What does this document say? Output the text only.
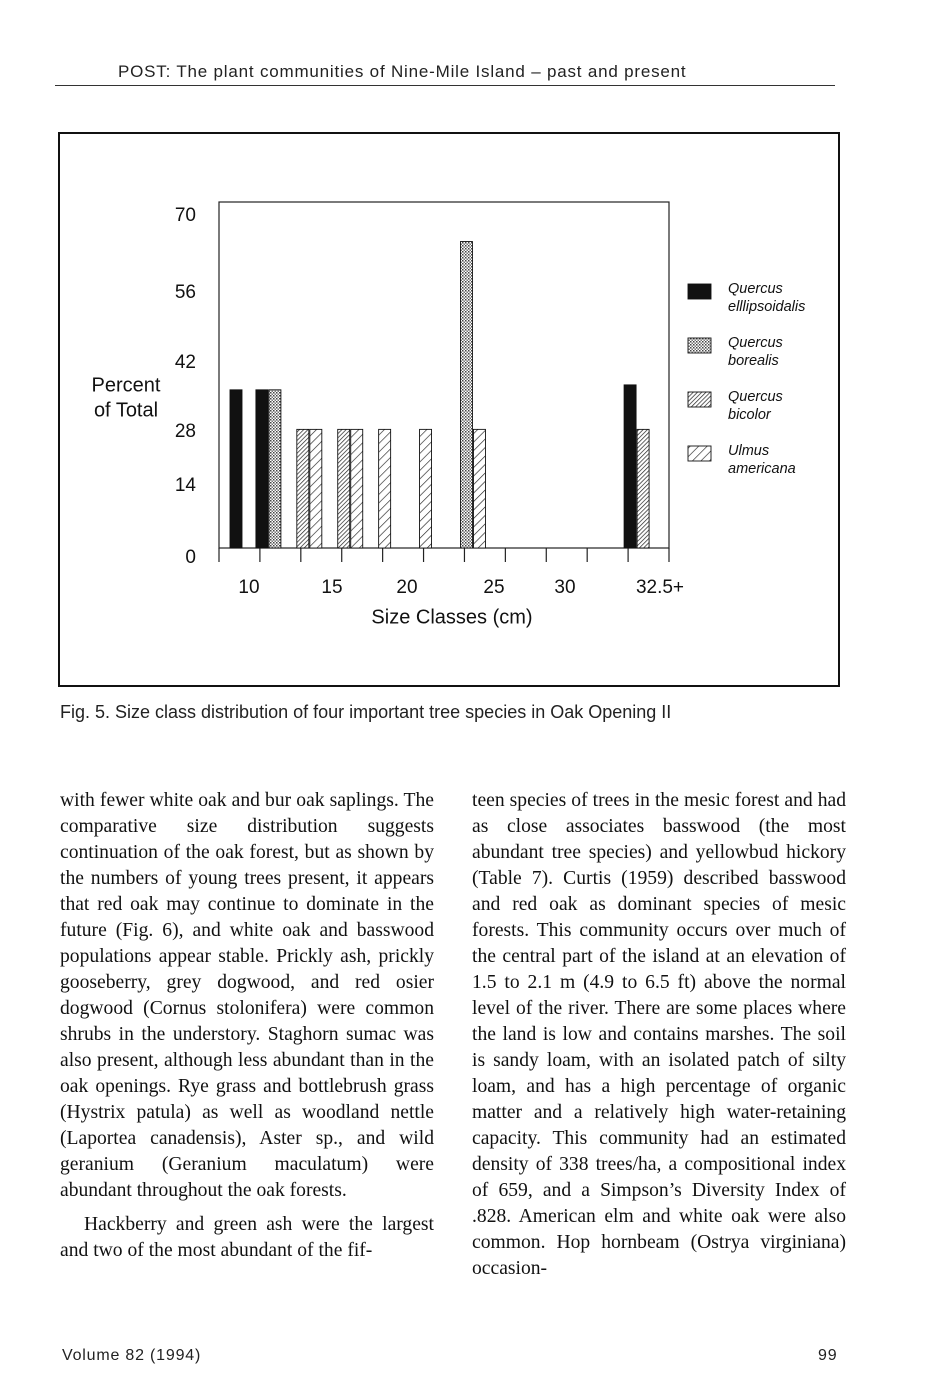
POST: The plant communities of Nine-Mile Island – past and present
70
56
42
28
14
0
Percent
of Total
10	15	20	25	30	32.5+
Size Classes (cm)
Quercus
elllipsoidalis
Quercus
borealis
Quercus
bicolor
Ulmus
americana
Fig. 5. Size class distribution of four important tree species in Oak Opening II

with fewer white oak and bur oak saplings. The comparative size distribution suggests continuation of the oak forest, but as shown by the numbers of young trees present, it appears that red oak may continue to dominate in the future (Fig. 6), and white oak and basswood populations appear stable. Prickly ash, prickly gooseberry, grey dogwood, and red osier dogwood (Cornus stolonifera) were common shrubs in the understory. Staghorn sumac was also present, although less abundant than in the oak openings. Rye grass and bottlebrush grass (Hystrix patula) as well as woodland nettle (Laportea canadensis), Aster sp., and wild geranium (Geranium maculatum) were abundant throughout the oak forests.

Hackberry and green ash were the largest and two of the most abundant of the fif-

teen species of trees in the mesic forest and had as close associates basswood (the most abundant tree species) and yellowbud hickory (Table 7). Curtis (1959) described basswood and red oak as dominant species of mesic forests. This community occurs over much of the central part of the island at an elevation of 1.5 to 2.1 m (4.9 to 6.5 ft) above the normal level of the river. There are some places where the land is low and contains marshes. The soil is sandy loam, with an isolated patch of silty loam, and has a high percentage of organic matter and a relatively high water-retaining capacity. This community had an estimated density of 338 trees/ha, a compositional index of 659, and a Simpson’s Diversity Index of .828. American elm and white oak were also common. Hop hornbeam (Ostrya virginiana) occasion-

Volume 82 (1994)	99
